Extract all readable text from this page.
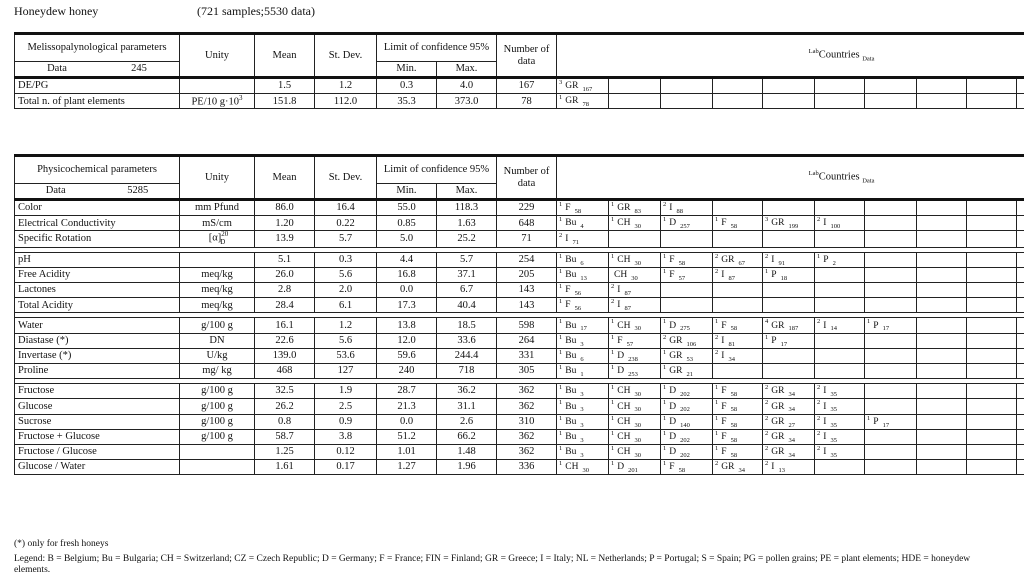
Honeydew honey	(721 samples;5530 data)
Melissopalynological parameters	Unity	Mean	St. Dev.	Limit of confidence 95%		Number of data	$^{Lab}$Countries $_{Data}$

Data 245				Min.	Max.													
DE/PG		1.5	1.2	0.3	4.0	167	$^3$ GR $_{167}$											
Total n. of plant elements	PE/10 $g\cdot 10^3$	151.8	112.0	35.3	373.0	78	$^1$ GR $_{78}$											
Physicochemical parameters	Unity	Mean	St. Dev.	Limit of confidence 95%		Number of data	$^{Lab}$Countries $_{Data}$

Data 5285				Min.	Max.													
Color	mm Pfund	86.0	16.4	55.0	118.3	229	$^1$ F $_{58}$	$^1$ GR $_{83}$	$^2$ I $_{88}$									
Electrical Conductivity	mS/cm	1.20	0.22	0.85	1.63	648	$^1$ Bu $_4$	$^1$ CH $_{30}$	$^1$ D $_{257}$	$^1$ F $_{58}$	$^3$ GR $_{199}$	$^2$ I $_{100}$						
Specific Rotation	$[\alpha]^{20}_D$	13.9	5.7	5.0	25.2	71	$^2$ I $_{71}$											

pH		5.1	0.3	4.4	5.7	254	$^1$ Bu $_6$	$^1$ CH $_{30}$	$^1$ F $_{58}$	$^2$ GR $_{67}$	$^2$ I $_{91}$	$^1$ P $_2$						
Free Acidity	meq/kg	26.0	5.6	16.8	37.1	205	$^1$ Bu $_{13}$	CH $_{30}$	$^1$ F $_{57}$	$^2$ I $_{87}$	$^1$ P $_{18}$							
Lactones	meq/kg	2.8	2.0	0.0	6.7	143	$^1$ F $_{56}$	$^2$ I $_{87}$										
Total Acidity	meq/kg	28.4	6.1	17.3	40.4	143	$^1$ F $_{56}$	$^2$ I $_{87}$										

Water	g/100 g	16.1	1.2	13.8	18.5	598	$^1$ Bu $_{17}$	$^1$ CH $_{30}$	$^1$ D $_{275}$	$^1$ F $_{58}$	$^4$ GR $_{187}$	$^2$ I $_{14}$	$^1$ P $_{17}$					
Diastase (*)	DN	22.6	5.6	12.0	33.6	264	$^1$ Bu $_3$	$^1$ F $_{57}$	$^2$ GR $_{106}$	$^2$ I $_{81}$	$^1$ P $_{17}$							
Invertase (*)	U/kg	139.0	53.6	59.6	244.4	331	$^1$ Bu $_6$	$^1$ D $_{238}$	$^1$ GR $_{53}$	$^2$ I $_{34}$								
Proline	mg/ kg	468	127	240	718	305	$^1$ Bu $_1$	$^1$ D $_{253}$	$^1$ GR $_{21}$									

Fructose	g/100 g	32.5	1.9	28.7	36.2	362	$^1$ Bu $_3$	$^1$ CH $_{30}$	$^1$ D $_{202}$	$^1$ F $_{58}$	$^2$ GR $_{34}$	$^2$ I $_{35}$						
Glucose	g/100 g	26.2	2.5	21.3	31.1	362	$^1$ Bu $_3$	$^1$ CH $_{30}$	$^1$ D $_{202}$	$^1$ F $_{58}$	$^2$ GR $_{34}$	$^2$ I $_{35}$						
Sucrose	g/100 g	0.8	0.9	0.0	2.6	310	$^1$ Bu $_3$	$^1$ CH $_{30}$	$^1$ D $_{140}$	$^1$ F $_{58}$	$^2$ GR $_{27}$	$^2$ I $_{35}$	$^1$ P $_{17}$					
Fructose + Glucose	g/100 g	58.7	3.8	51.2	66.2	362	$^1$ Bu $_3$	$^1$ CH $_{30}$	$^1$ D $_{202}$	$^1$ F $_{58}$	$^2$ GR $_{34}$	$^2$ I $_{35}$						
Fructose / Glucose		1.25	0.12	1.01	1.48	362	$^1$ Bu $_3$	$^1$ CH $_{30}$	$^1$ D $_{202}$	$^1$ F $_{58}$	$^2$ GR $_{34}$	$^2$ I $_{35}$						
Glucose / Water		1.61	0.17	1.27	1.96	336	$^1$ CH $_{30}$	$^1$ D $_{201}$	$^1$ F $_{58}$	$^2$ GR $_{34}$	$^2$ I $_{13}$							
(*) only for fresh honeys
Legend: B = Belgium; Bu = Bulgaria; CH = Switzerland; CZ = Czech Republic; D = Germany; F = France; FIN = Finland; GR = Greece; I = Italy; NL = Netherlands; P = Portugal; S = Spain; PG = pollen grains; PE = plant elements; HDE = honeydew elements.
